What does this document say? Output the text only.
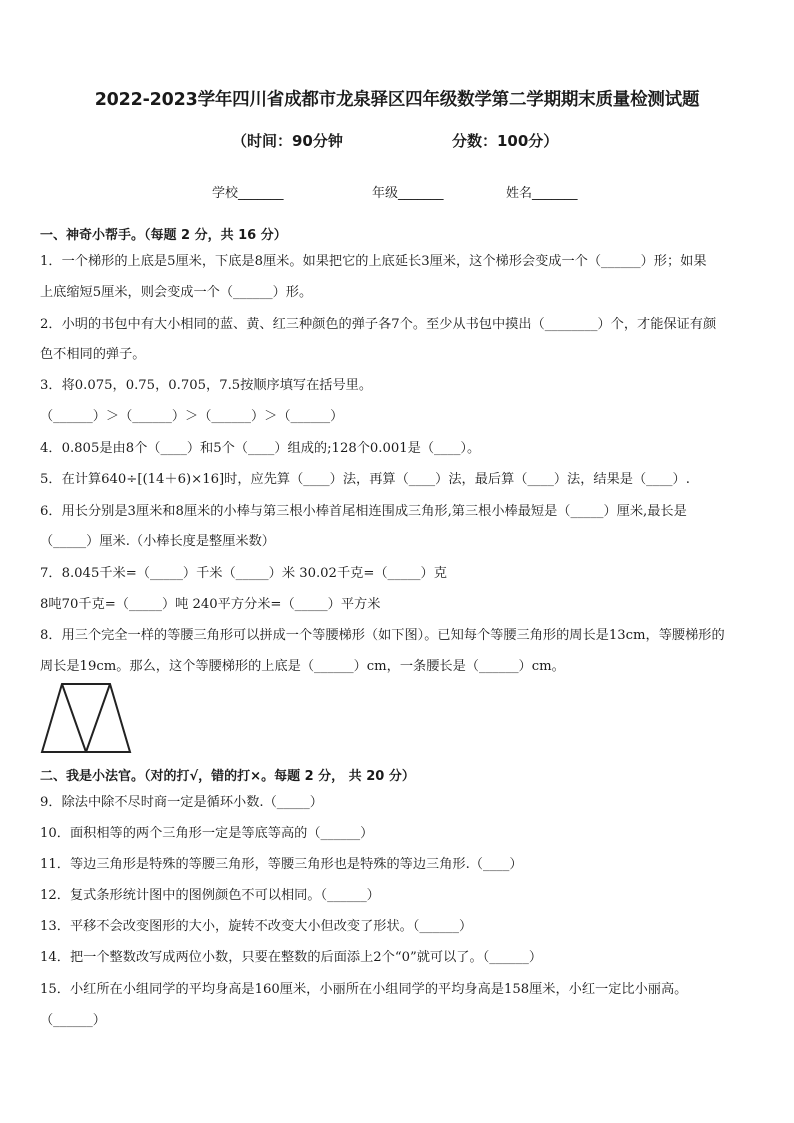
2022-2023学年四川省成都市龙泉驿区四年级数学第二学期期末质量检测试题
（时间：90分钟	分数：100分）
学校_______	年级_______	姓名_______
一、神奇小帮手。（每题 2 分，共 16 分）
1．一个梯形的上底是5厘米，下底是8厘米。如果把它的上底延长3厘米，这个梯形会变成一个（______）形；如果
上底缩短5厘米，则会变成一个（______）形。
2．小明的书包中有大小相同的蓝、黄、红三种颜色的弹子各7个。至少从书包中摸出（________）个，才能保证有颜
色不相同的弹子。
3．将0.075，0.75，0.705，7.5按顺序填写在括号里。
（______）＞（______）＞（______）＞（______）
4．0.805是由8个（____）和5个（____）组成的;128个0.001是（____）。
5．在计算640÷[(14＋6)×16]时，应先算（____）法，再算（____）法，最后算（____）法，结果是（____）.
6．用长分别是3厘米和8厘米的小棒与第三根小棒首尾相连围成三角形,第三根小棒最短是（_____）厘米,最长是
（_____）厘米.（小棒长度是整厘米数）
7．8.045千米=（_____）千米（_____）米 30.02千克=（_____）克
8吨70千克=（_____）吨 240平方分米=（_____）平方米
8．用三个完全一样的等腰三角形可以拼成一个等腰梯形（如下图）。已知每个等腰三角形的周长是13cm，等腰梯形的
周长是19cm。那么，这个等腰梯形的上底是（______）cm，一条腰长是（______）cm。
二、我是小法官。（对的打√，错的打×。每题 2 分， 共 20 分）
9．除法中除不尽时商一定是循环小数.（_____）
10．面积相等的两个三角形一定是等底等高的（______）
11．等边三角形是特殊的等腰三角形，等腰三角形也是特殊的等边三角形.（____）
12．复式条形统计图中的图例颜色不可以相同。（______）
13．平移不会改变图形的大小，旋转不改变大小但改变了形状。（______）
14．把一个整数改写成两位小数，只要在整数的后面添上2个“0”就可以了。（______）
15．小红所在小组同学的平均身高是160厘米，小丽所在小组同学的平均身高是158厘米，小红一定比小丽高。
（______）
